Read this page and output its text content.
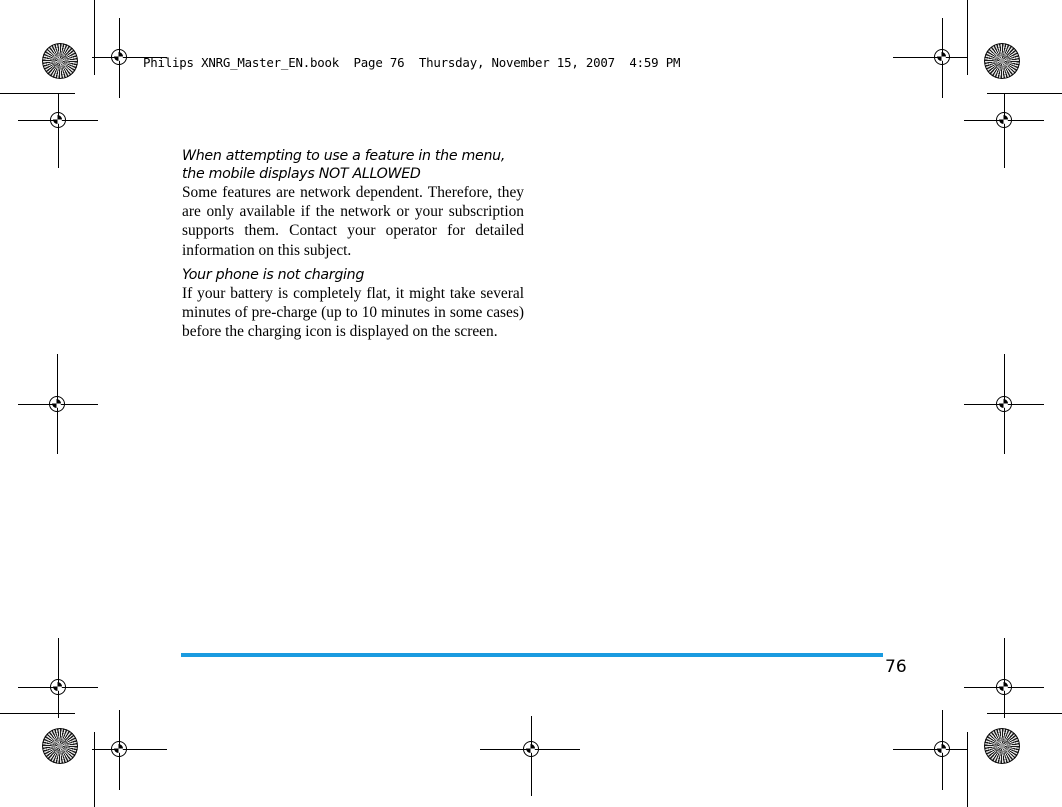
Philips XNRG_Master_EN.book  Page 76  Thursday, November 15, 2007  4:59 PM

When attempting to use a feature in the menu, the mobile displays NOT ALLOWED

Some features are network dependent. Therefore, they are only available if the network or your subscription supports them. Contact your operator for detailed information on this subject.

Your phone is not charging

If your battery is completely flat, it might take several minutes of pre-charge (up to 10 minutes in some cases) before the charging icon is displayed on the screen.

76
